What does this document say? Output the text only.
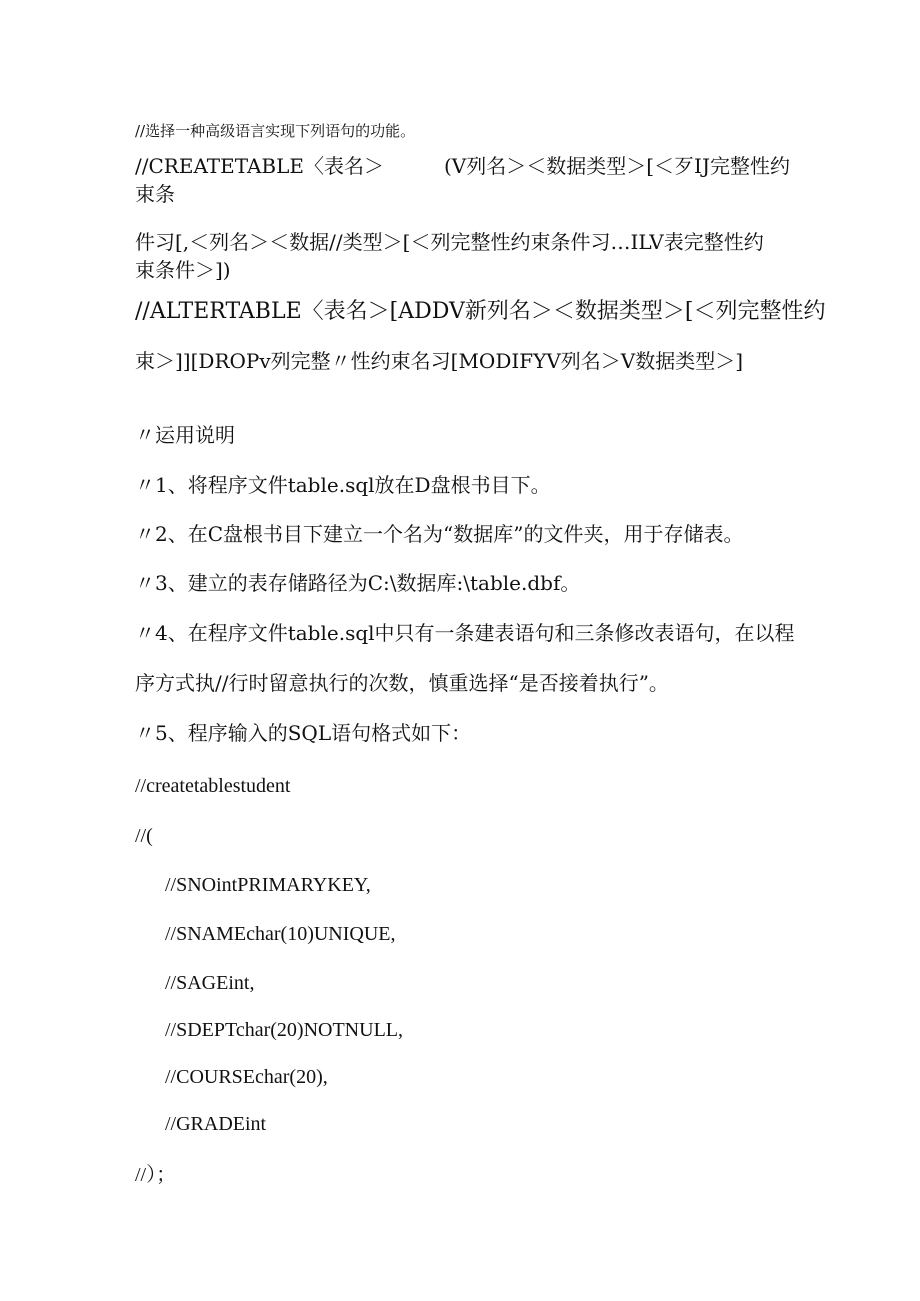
//选择一种高级语言实现下列语句的功能。
//CREATETABLE〈表名＞　　　(V列名＞＜数据类型＞[＜歹IJ完整性约
束条
件习[,＜列名＞＜数据//类型＞[＜列完整性约束条件习…ILV表完整性约
束条件＞])
//ALTERTABLE〈表名＞[ADDV新列名＞＜数据类型＞[＜列完整性约
束＞]][DROPv列完整〃性约束名习[MODIFYV列名＞V数据类型＞]
〃运用说明
〃1、将程序文件table.sql放在D盘根书目下。
〃2、在C盘根书目下建立一个名为“数据库”的文件夹，用于存储表。
〃3、建立的表存储路径为C:\数据库:\table.dbf。
〃4、在程序文件table.sql中只有一条建表语句和三条修改表语句，在以程
序方式执//行时留意执行的次数，慎重选择“是否接着执行”。
〃5、程序输入的SQL语句格式如下：
//createtablestudent
//(
//SNOintPRIMARYKEY,
//SNAMEchar(10)UNIQUE,
//SAGEint,
//SDEPTchar(20)NOTNULL,
//COURSEchar(20),
//GRADEint
//）；
